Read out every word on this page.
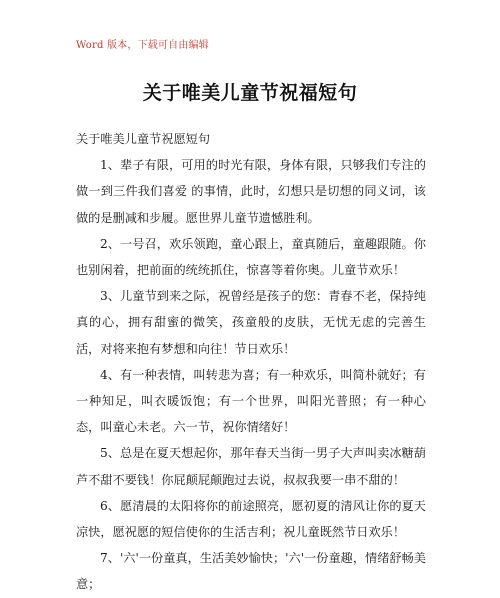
Word 版本，下载可自由编辑
关于唯美儿童节祝福短句

关于唯美儿童节祝愿短句

1、辈子有限，可用的时光有限，身体有限，只够我们专注的做一到三件我们喜爱 的事情，此时，幻想只是切想的同义词，该做的是删减和步履。愿世界儿童节遗憾胜利。

2、一号召，欢乐领跑，童心跟上，童真随后，童趣跟随。你也别闲着，把前面的统统抓住，惊喜等着你奥。儿童节欢乐！

3、儿童节到来之际，祝曾经是孩子的您：青春不老，保持纯真的心，拥有甜蜜的微笑，孩童般的皮肤，无忧无虑的完善生活，对将来抱有梦想和向往！节日欢乐！

4、有一种表情，叫转悲为喜；有一种欢乐，叫简朴就好；有一种知足，叫衣暖饭饱；有一个世界，叫阳光普照；有一种心态，叫童心未老。六一节，祝你情绪好！

5、总是在夏天想起你，那年春天当街一男子大声叫卖冰糖葫芦不甜不要钱！你屁颠屁颠跑过去说，叔叔我要一串不甜的！

6、愿清晨的太阳将你的前途照亮，愿初夏的清风让你的夏天凉快，愿祝愿的短信使你的生活吉利；祝儿童既然节日欢乐！

7、'六'一份童真，生活美妙愉快；'六'一份童趣，情绪舒畅美意；
